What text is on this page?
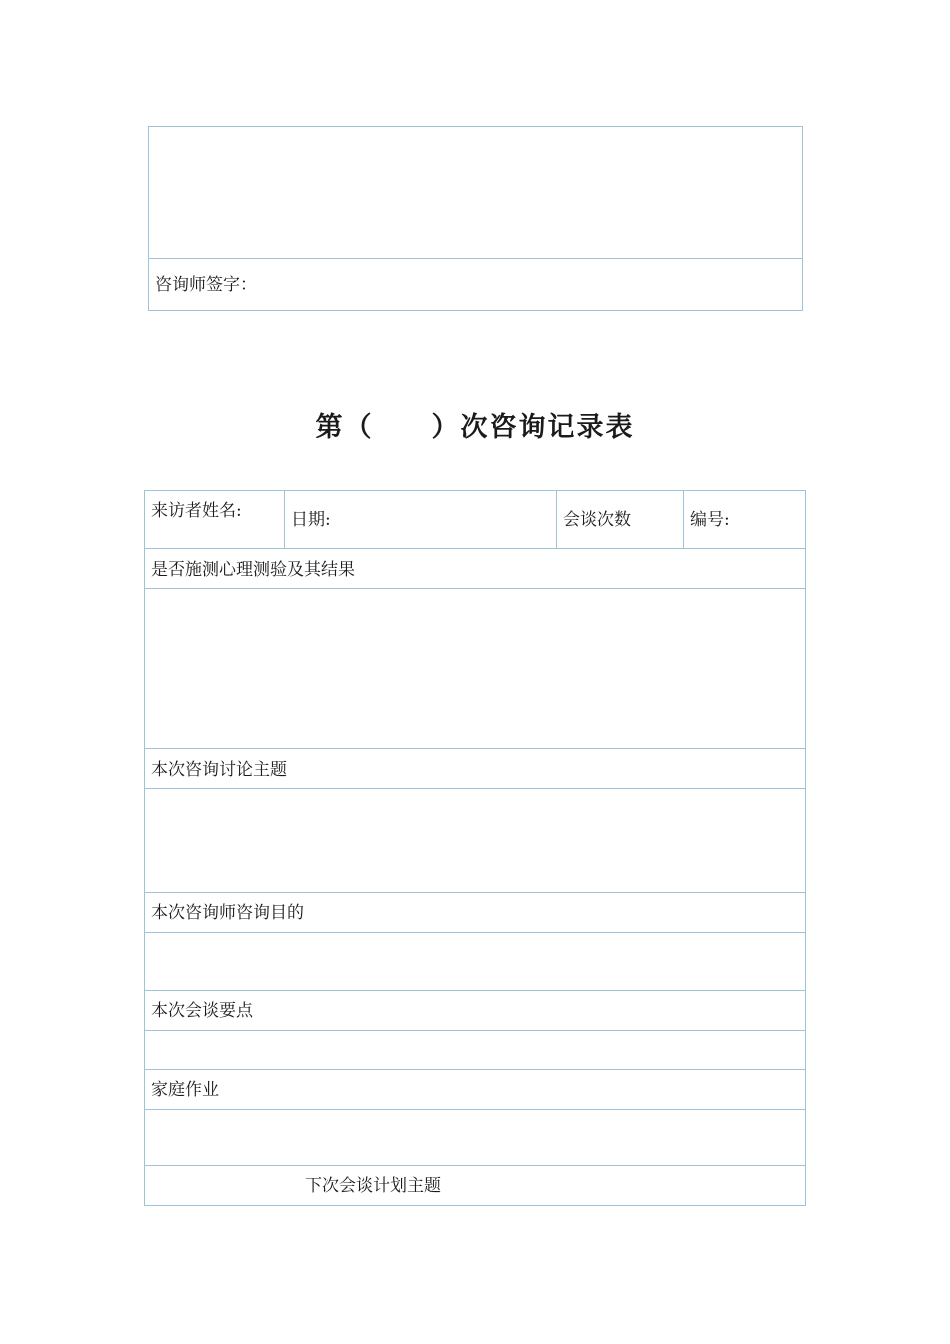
咨询师签字：
第（　　）次咨询记录表
来访者姓名:	日期:	会谈次数	编号:
是否施测心理测验及其结果
本次咨询讨论主题
本次咨询师咨询目的
本次会谈要点
家庭作业
下次会谈计划主题
